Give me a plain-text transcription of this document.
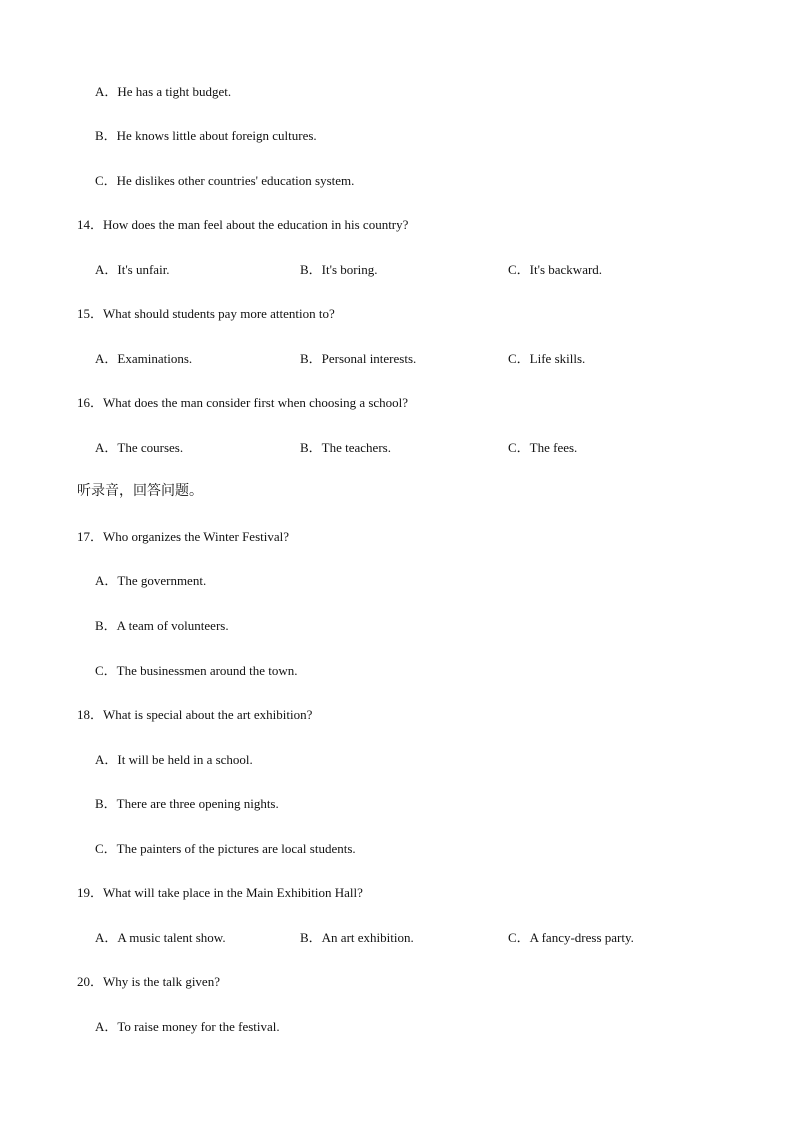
A．He has a tight budget.
B．He knows little about foreign cultures.
C．He dislikes other countries' education system.
14．How does the man feel about the education in his country?
A．It's unfair.	B．It's boring.	C．It's backward.
15．What should students pay more attention to?
A．Examinations.	B．Personal interests.	C．Life skills.
16．What does the man consider first when choosing a school?
A．The courses.	B．The teachers.	C．The fees.
听录音，回答问题。
17．Who organizes the Winter Festival?
A．The government.
B．A team of volunteers.
C．The businessmen around the town.
18．What is special about the art exhibition?
A．It will be held in a school.
B．There are three opening nights.
C．The painters of the pictures are local students.
19．What will take place in the Main Exhibition Hall?
A．A music talent show.	B．An art exhibition.	C．A fancy-dress party.
20．Why is the talk given?
A．To raise money for the festival.
